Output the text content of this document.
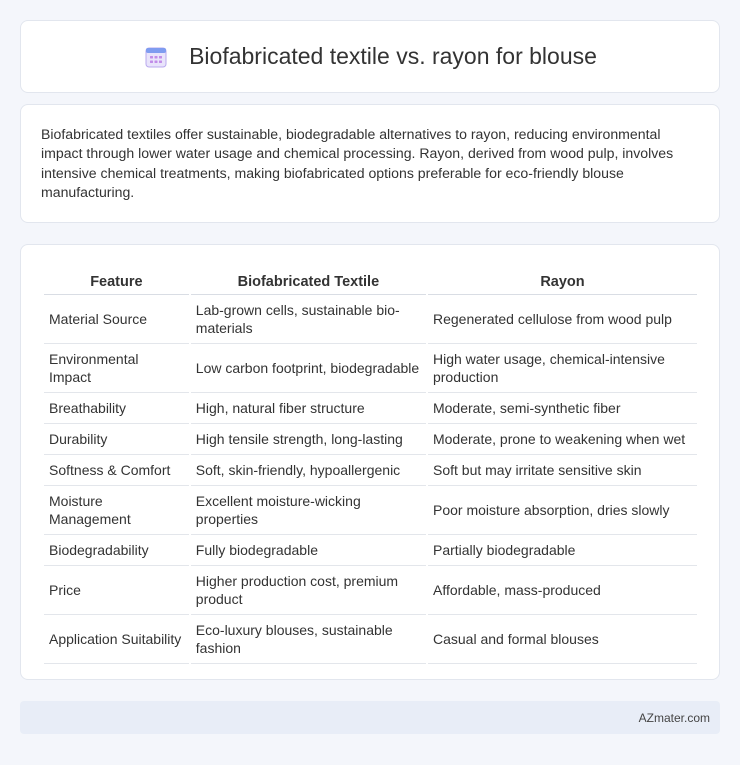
Biofabricated textile vs. rayon for blouse

Biofabricated textiles offer sustainable, biodegradable alternatives to rayon, reducing environmental impact through lower water usage and chemical processing. Rayon, derived from wood pulp, involves intensive chemical treatments, making biofabricated options preferable for eco-friendly blouse manufacturing.

Feature	Biofabricated Textile	Rayon
Material Source	Lab-grown cells, sustainable bio-materials	Regenerated cellulose from wood pulp
Environmental Impact	Low carbon footprint, biodegradable	High water usage, chemical-intensive production
Breathability	High, natural fiber structure	Moderate, semi-synthetic fiber
Durability	High tensile strength, long-lasting	Moderate, prone to weakening when wet
Softness & Comfort	Soft, skin-friendly, hypoallergenic	Soft but may irritate sensitive skin
Moisture Management	Excellent moisture-wicking properties	Poor moisture absorption, dries slowly
Biodegradability	Fully biodegradable	Partially biodegradable
Price	Higher production cost, premium product	Affordable, mass-produced
Application Suitability	Eco-luxury blouses, sustainable fashion	Casual and formal blouses
AZmater.com
